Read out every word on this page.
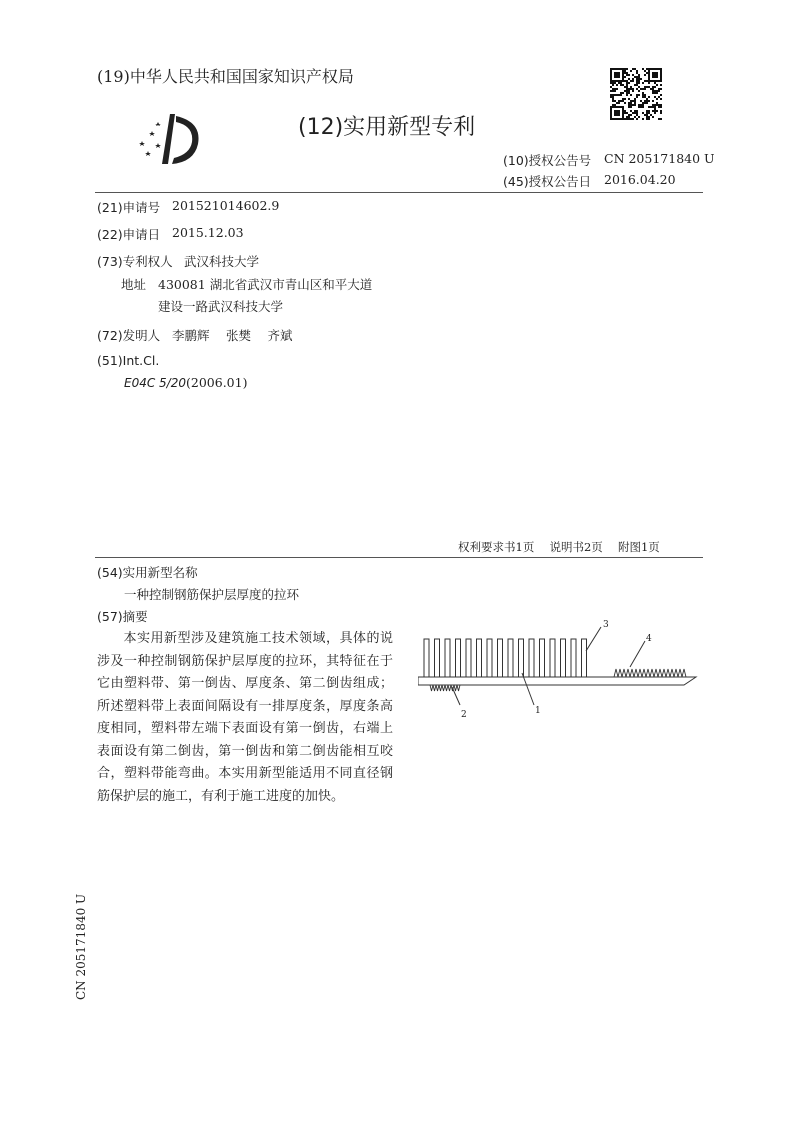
(19)中华人民共和国国家知识产权局
(12)实用新型专利
(10)授权公告号 CN 205171840 U
(45)授权公告日 2016.04.20
(21)申请号 201521014602.9
(22)申请日 2015.12.03
(73)专利权人 武汉科技大学
地址 430081 湖北省武汉市青山区和平大道
建设一路武汉科技大学
(72)发明人 李鹏辉　 张樊　 齐斌
(51)Int.Cl.
E04C 5/20(2006.01)
权利要求书1页　 说明书2页　 附图1页
(54)实用新型名称
一种控制钢筋保护层厚度的拉环
(57)摘要
本实用新型涉及建筑施工技术领域，具体的说涉及一种控制钢筋保护层厚度的拉环，其特征在于它由塑料带、第一倒齿、厚度条、第二倒齿组成；所述塑料带上表面间隔设有一排厚度条，厚度条高度相同，塑料带左端下表面设有第一倒齿，右端上表面设有第二倒齿，第一倒齿和第二倒齿能相互咬合，塑料带能弯曲。本实用新型能适用不同直径钢筋保护层的施工，有利于施工进度的加快。
3
4
2	1
CN 205171840 U
